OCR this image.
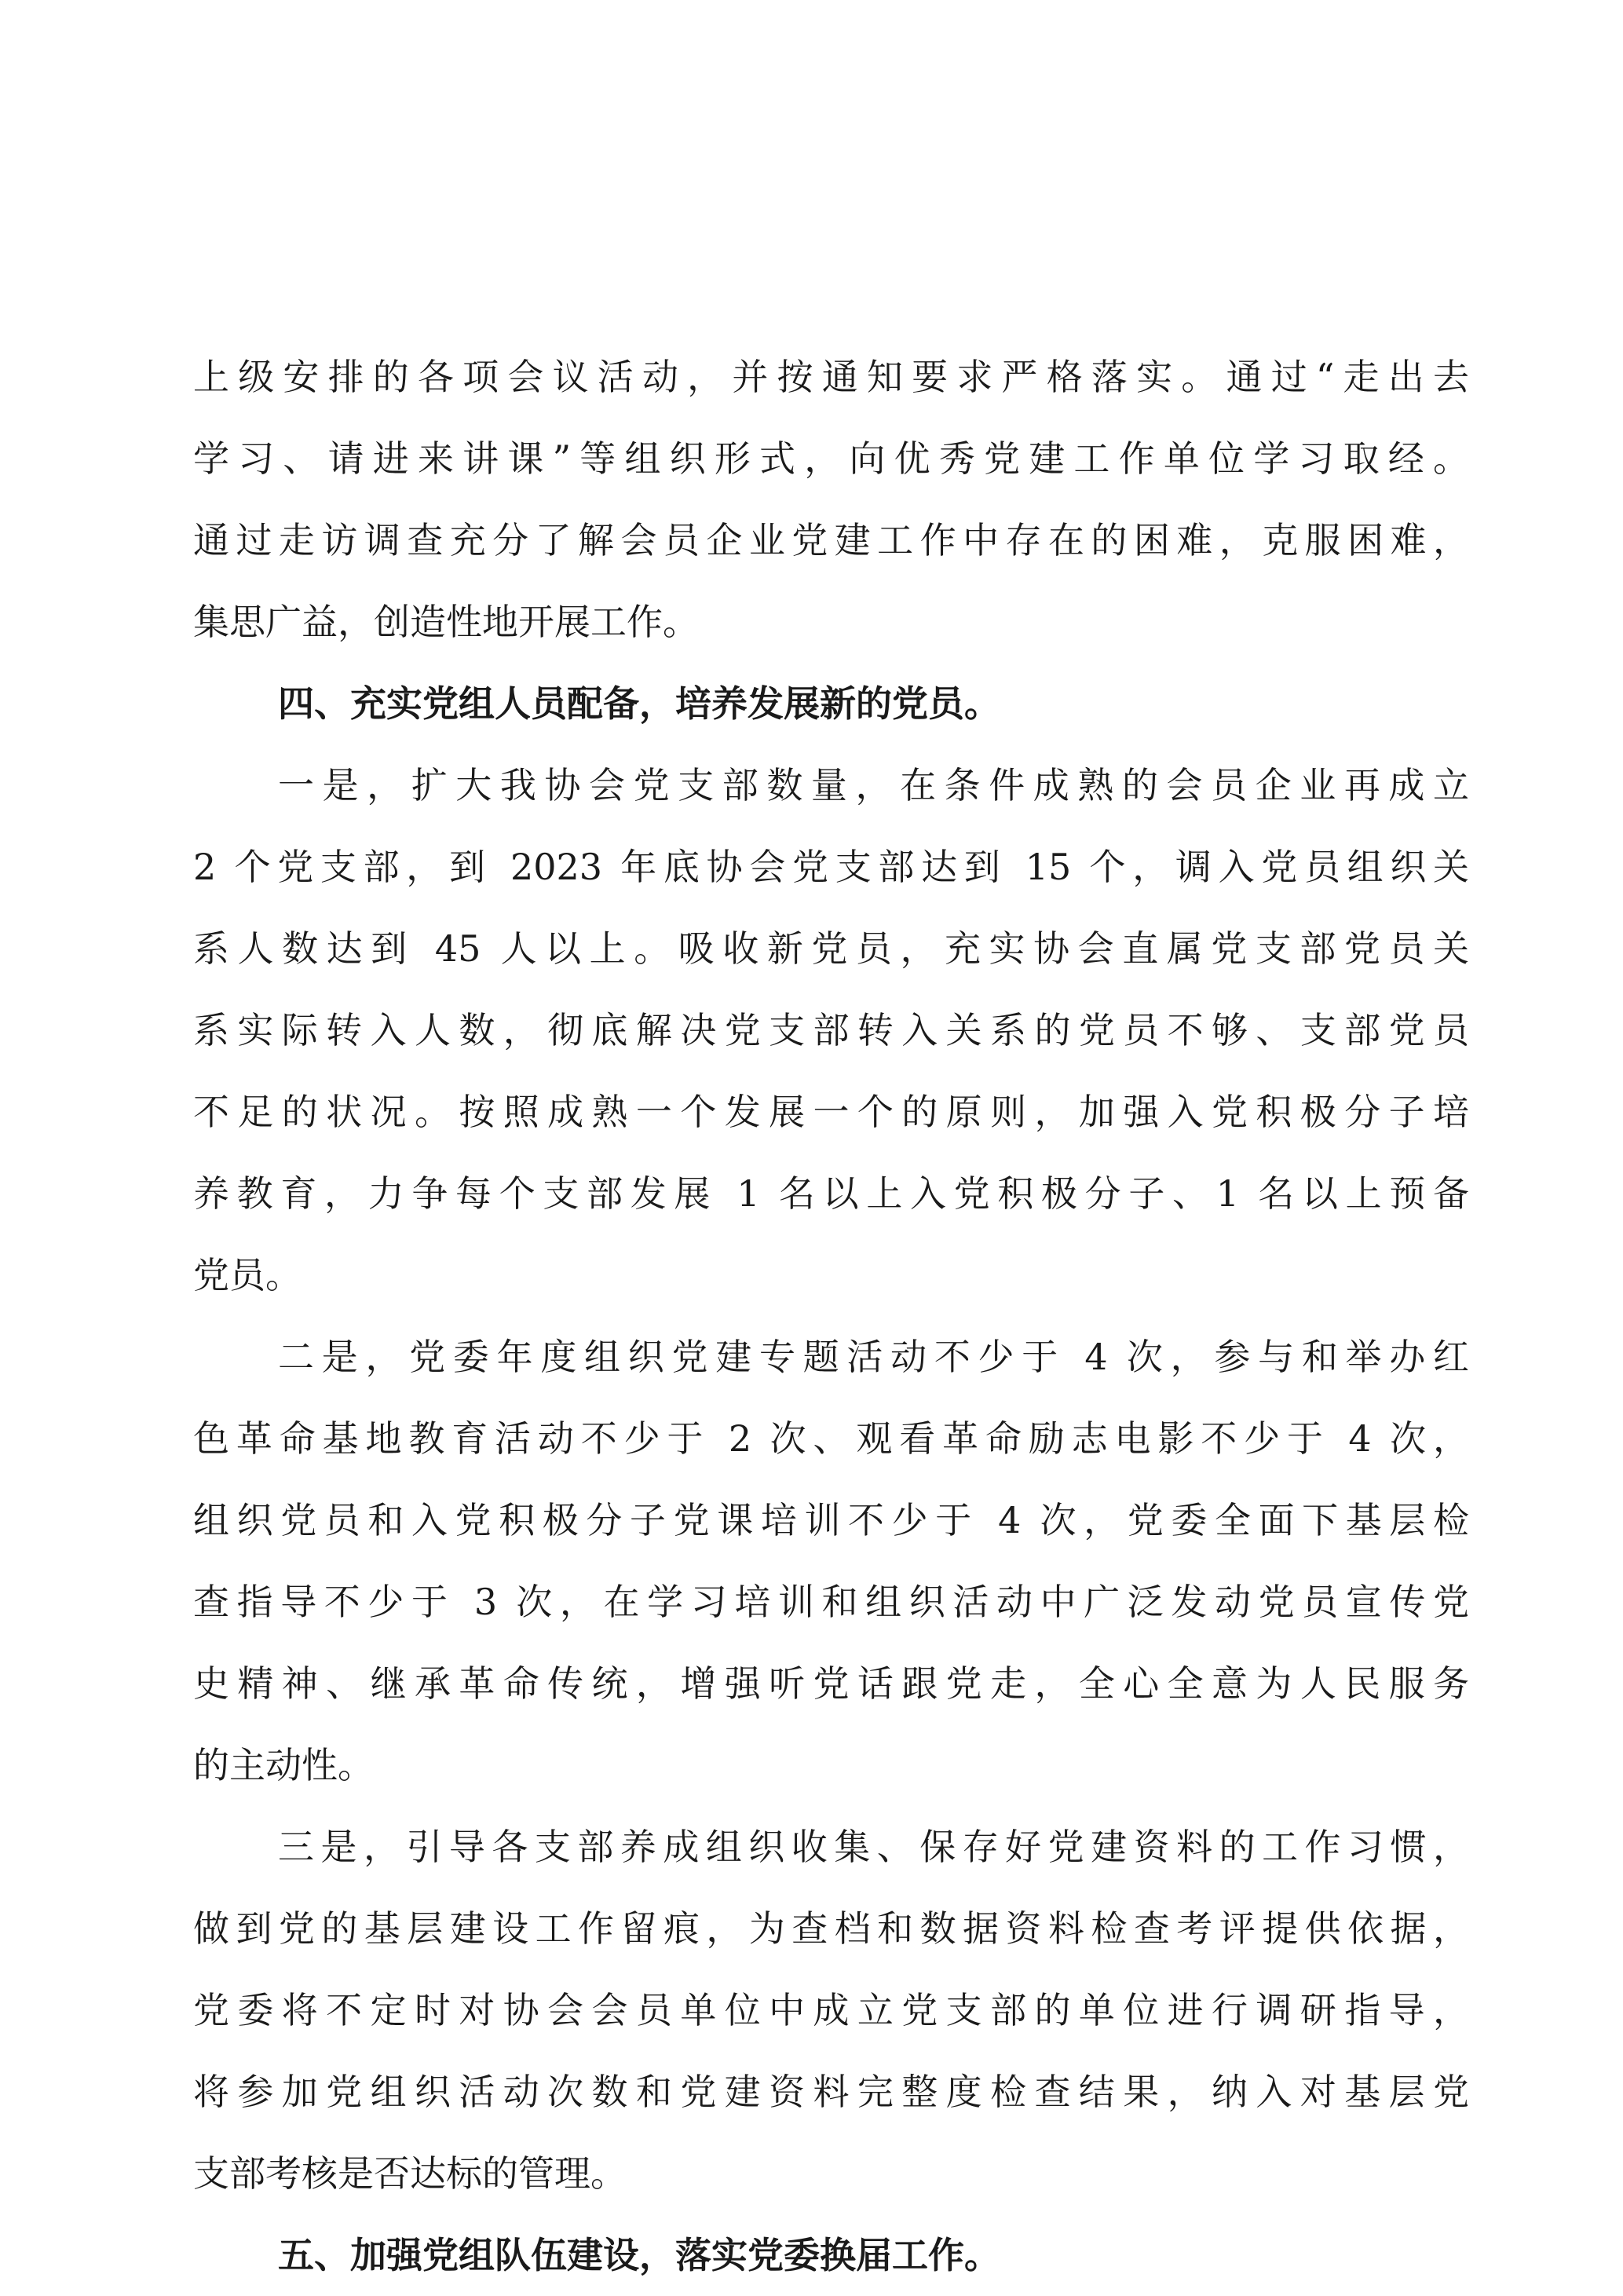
上级安排的各项会议活动，并按通知要求严格落实。通过“走出去
学习、请进来讲课”等组织形式，向优秀党建工作单位学习取经。
通过走访调查充分了解会员企业党建工作中存在的困难，克服困难，
集思广益，创造性地开展工作。
四、充实党组人员配备，培养发展新的党员。
一是，扩大我协会党支部数量，在条件成熟的会员企业再成立
2 个党支部，到 2023 年底协会党支部达到 15 个，调入党员组织关
系人数达到 45 人以上。吸收新党员，充实协会直属党支部党员关
系实际转入人数，彻底解决党支部转入关系的党员不够、支部党员
不足的状况。按照成熟一个发展一个的原则，加强入党积极分子培
养教育，力争每个支部发展 1 名以上入党积极分子、1 名以上预备
党员。
二是，党委年度组织党建专题活动不少于 4 次，参与和举办红
色革命基地教育活动不少于 2 次、观看革命励志电影不少于 4 次，
组织党员和入党积极分子党课培训不少于 4 次，党委全面下基层检
查指导不少于 3 次，在学习培训和组织活动中广泛发动党员宣传党
史精神、继承革命传统，增强听党话跟党走，全心全意为人民服务
的主动性。
三是，引导各支部养成组织收集、保存好党建资料的工作习惯，
做到党的基层建设工作留痕，为查档和数据资料检查考评提供依据，
党委将不定时对协会会员单位中成立党支部的单位进行调研指导，
将参加党组织活动次数和党建资料完整度检查结果，纳入对基层党
支部考核是否达标的管理。
五、加强党组队伍建设，落实党委换届工作。
